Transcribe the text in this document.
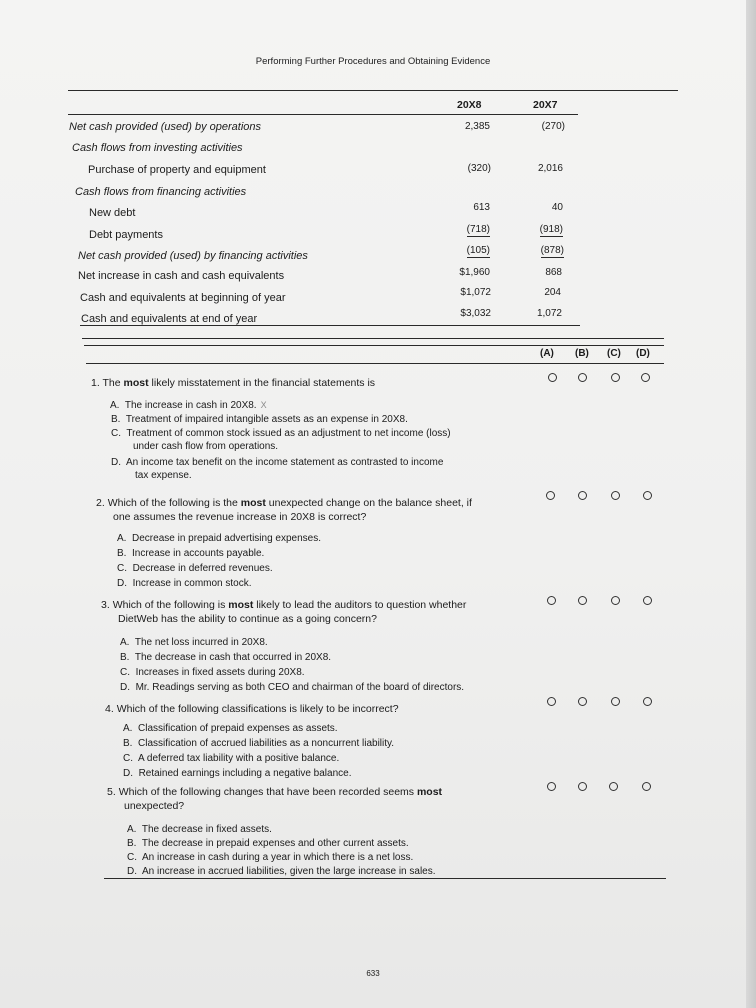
Performing Further Procedures and Obtaining Evidence
20X8	20X7
Net cash provided (used) by operations	2,385	(270)
Cash flows from investing activities
Purchase of property and equipment	(320)	2,016
Cash flows from financing activities
New debt	613	40
Debt payments	(718)	(918)
Net cash provided (used) by financing activities	(105)	(878)
Net increase in cash and cash equivalents	$1,960	868
Cash and equivalents at beginning of year	$1,072	204
Cash and equivalents at end of year	$3,032	1,072
(A) (B) (C) (D)
1. The most likely misstatement in the financial statements is
A. The increase in cash in 20X8. X
B. Treatment of impaired intangible assets as an expense in 20X8.
C. Treatment of common stock issued as an adjustment to net income (loss)
under cash flow from operations.
D. An income tax benefit on the income statement as contrasted to income
tax expense.
2. Which of the following is the most unexpected change on the balance sheet, if
one assumes the revenue increase in 20X8 is correct?
A. Decrease in prepaid advertising expenses.
B. Increase in accounts payable.
C. Decrease in deferred revenues.
D. Increase in common stock.
3. Which of the following is most likely to lead the auditors to question whether
DietWeb has the ability to continue as a going concern?
A. The net loss incurred in 20X8.
B. The decrease in cash that occurred in 20X8.
C. Increases in fixed assets during 20X8.
D. Mr. Readings serving as both CEO and chairman of the board of directors.
4. Which of the following classifications is likely to be incorrect?
A. Classification of prepaid expenses as assets.
B. Classification of accrued liabilities as a noncurrent liability.
C. A deferred tax liability with a positive balance.
D. Retained earnings including a negative balance.
5. Which of the following changes that have been recorded seems most
unexpected?
A. The decrease in fixed assets.
B. The decrease in prepaid expenses and other current assets.
C. An increase in cash during a year in which there is a net loss.
D. An increase in accrued liabilities, given the large increase in sales.
633
